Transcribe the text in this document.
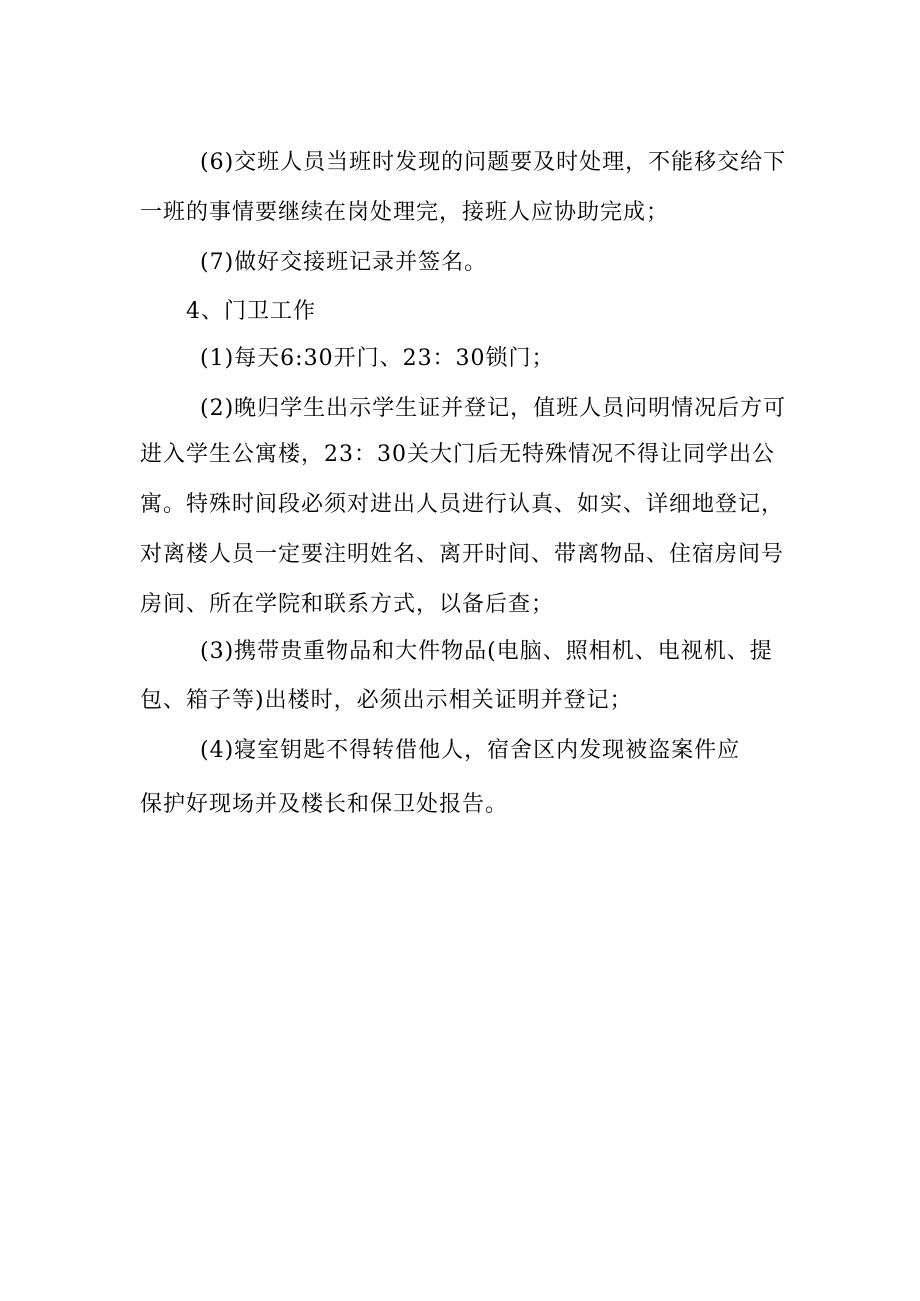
(6)交班人员当班时发现的问题要及时处理，不能移交给下
一班的事情要继续在岗处理完，接班人应协助完成；
(7)做好交接班记录并签名。
4、门卫工作
(1)每天6:30开门、23：30锁门；
(2)晚归学生出示学生证并登记，值班人员问明情况后方可
进入学生公寓楼，23：30关大门后无特殊情况不得让同学出公
寓。特殊时间段必须对进出人员进行认真、如实、详细地登记，
对离楼人员一定要注明姓名、离开时间、带离物品、住宿房间号
房间、所在学院和联系方式，以备后查；
(3)携带贵重物品和大件物品(电脑、照相机、电视机、提
包、箱子等)出楼时，必须出示相关证明并登记；
(4)寝室钥匙不得转借他人，宿舍区内发现被盗案件应
保护好现场并及楼长和保卫处报告。
